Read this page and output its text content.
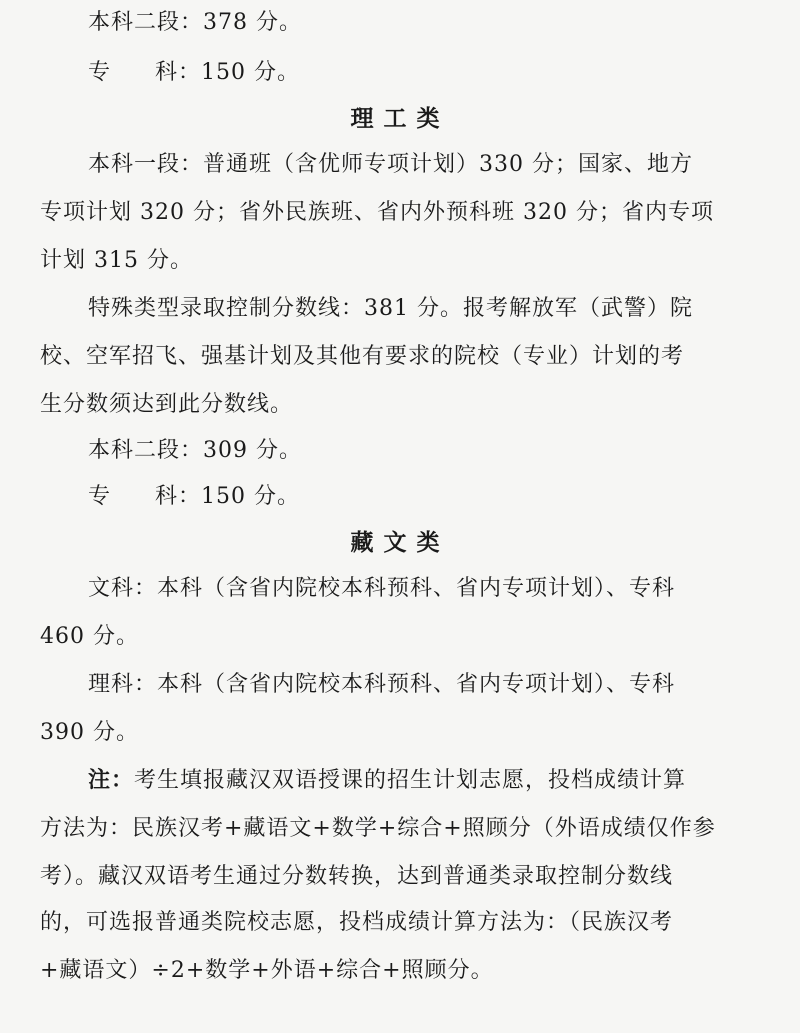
本科二段：378 分。
专 科：150 分。
理工类
本科一段：普通班（含优师专项计划）330 分；国家、地方
专项计划 320 分；省外民族班、省内外预科班 320 分；省内专项
计划 315 分。
特殊类型录取控制分数线：381 分。报考解放军（武警）院
校、空军招飞、强基计划及其他有要求的院校（专业）计划的考
生分数须达到此分数线。
本科二段：309 分。
专 科：150 分。
藏文类
文科：本科（含省内院校本科预科、省内专项计划）、专科
460 分。
理科：本科（含省内院校本科预科、省内专项计划）、专科
390 分。
注：考生填报藏汉双语授课的招生计划志愿，投档成绩计算
方法为：民族汉考+藏语文+数学+综合+照顾分（外语成绩仅作参
考）。藏汉双语考生通过分数转换，达到普通类录取控制分数线
的，可选报普通类院校志愿，投档成绩计算方法为：（民族汉考
+藏语文）÷2+数学+外语+综合+照顾分。
